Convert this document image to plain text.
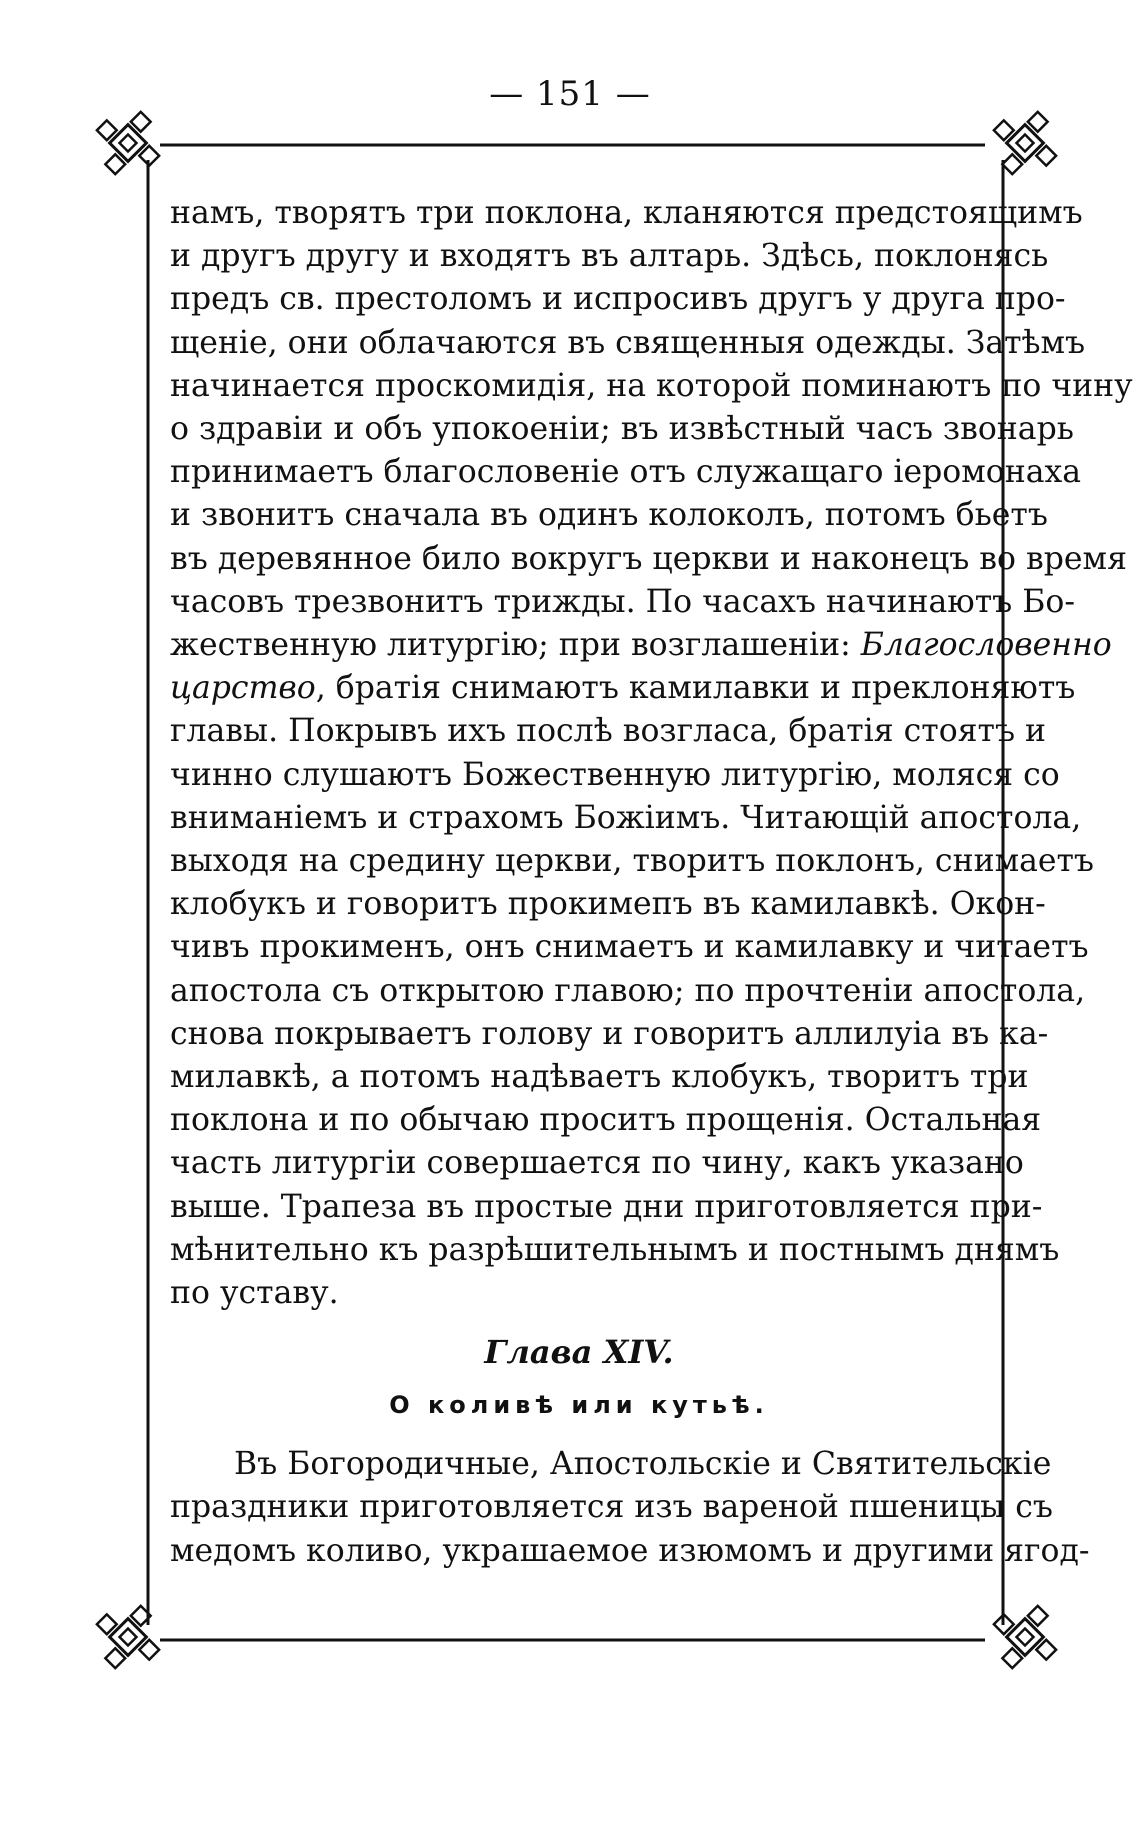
— 151 —

намъ, творятъ три поклона, кланяются предстоящимъ
и другъ другу и входятъ въ алтарь. Здѣсь, поклонясь
предъ св. престоломъ и испросивъ другъ у друга про-
щеніе, они облачаются въ священныя одежды. Затѣмъ
начинается проскомидія, на которой поминаютъ по чину
о здравіи и объ упокоеніи; въ извѣстный часъ звонарь
принимаетъ благословеніе отъ служащаго іеромонаха
и звонитъ сначала въ одинъ колоколъ, потомъ бьетъ
въ деревянное било вокругъ церкви и наконецъ во время
часовъ трезвонитъ трижды. По часахъ начинаютъ Бо-
жественную литургію; при возглашеніи: Благословенно
царство, братія снимаютъ камилавки и преклоняютъ
главы. Покрывъ ихъ послѣ возгласа, братія стоятъ и
чинно слушаютъ Божественную литургію, моляся со
вниманіемъ и страхомъ Божіимъ. Читающій апостола,
выходя на средину церкви, творитъ поклонъ, снимаетъ
клобукъ и говоритъ прокимепъ въ камилавкѣ. Окон-
чивъ прокименъ, онъ снимаетъ и камилавку и читаетъ
апостола съ открытою главою; по прочтеніи апостола,
снова покрываетъ голову и говоритъ аллилуіа въ ка-
милавкѣ, а потомъ надѣваетъ клобукъ, творитъ три
поклона и по обычаю проситъ прощенія. Остальная
часть литургіи совершается по чину, какъ указано
выше. Трапеза въ простые дни приготовляется при-
мѣнительно къ разрѣшительнымъ и постнымъ днямъ
по уставу.

Глава XIV.
О коливѣ или кутьѣ.

Въ Богородичные, Апостольскіе и Святительскіе
праздники приготовляется изъ вареной пшеницы съ
медомъ коливо, украшаемое изюмомъ и другими ягод-
